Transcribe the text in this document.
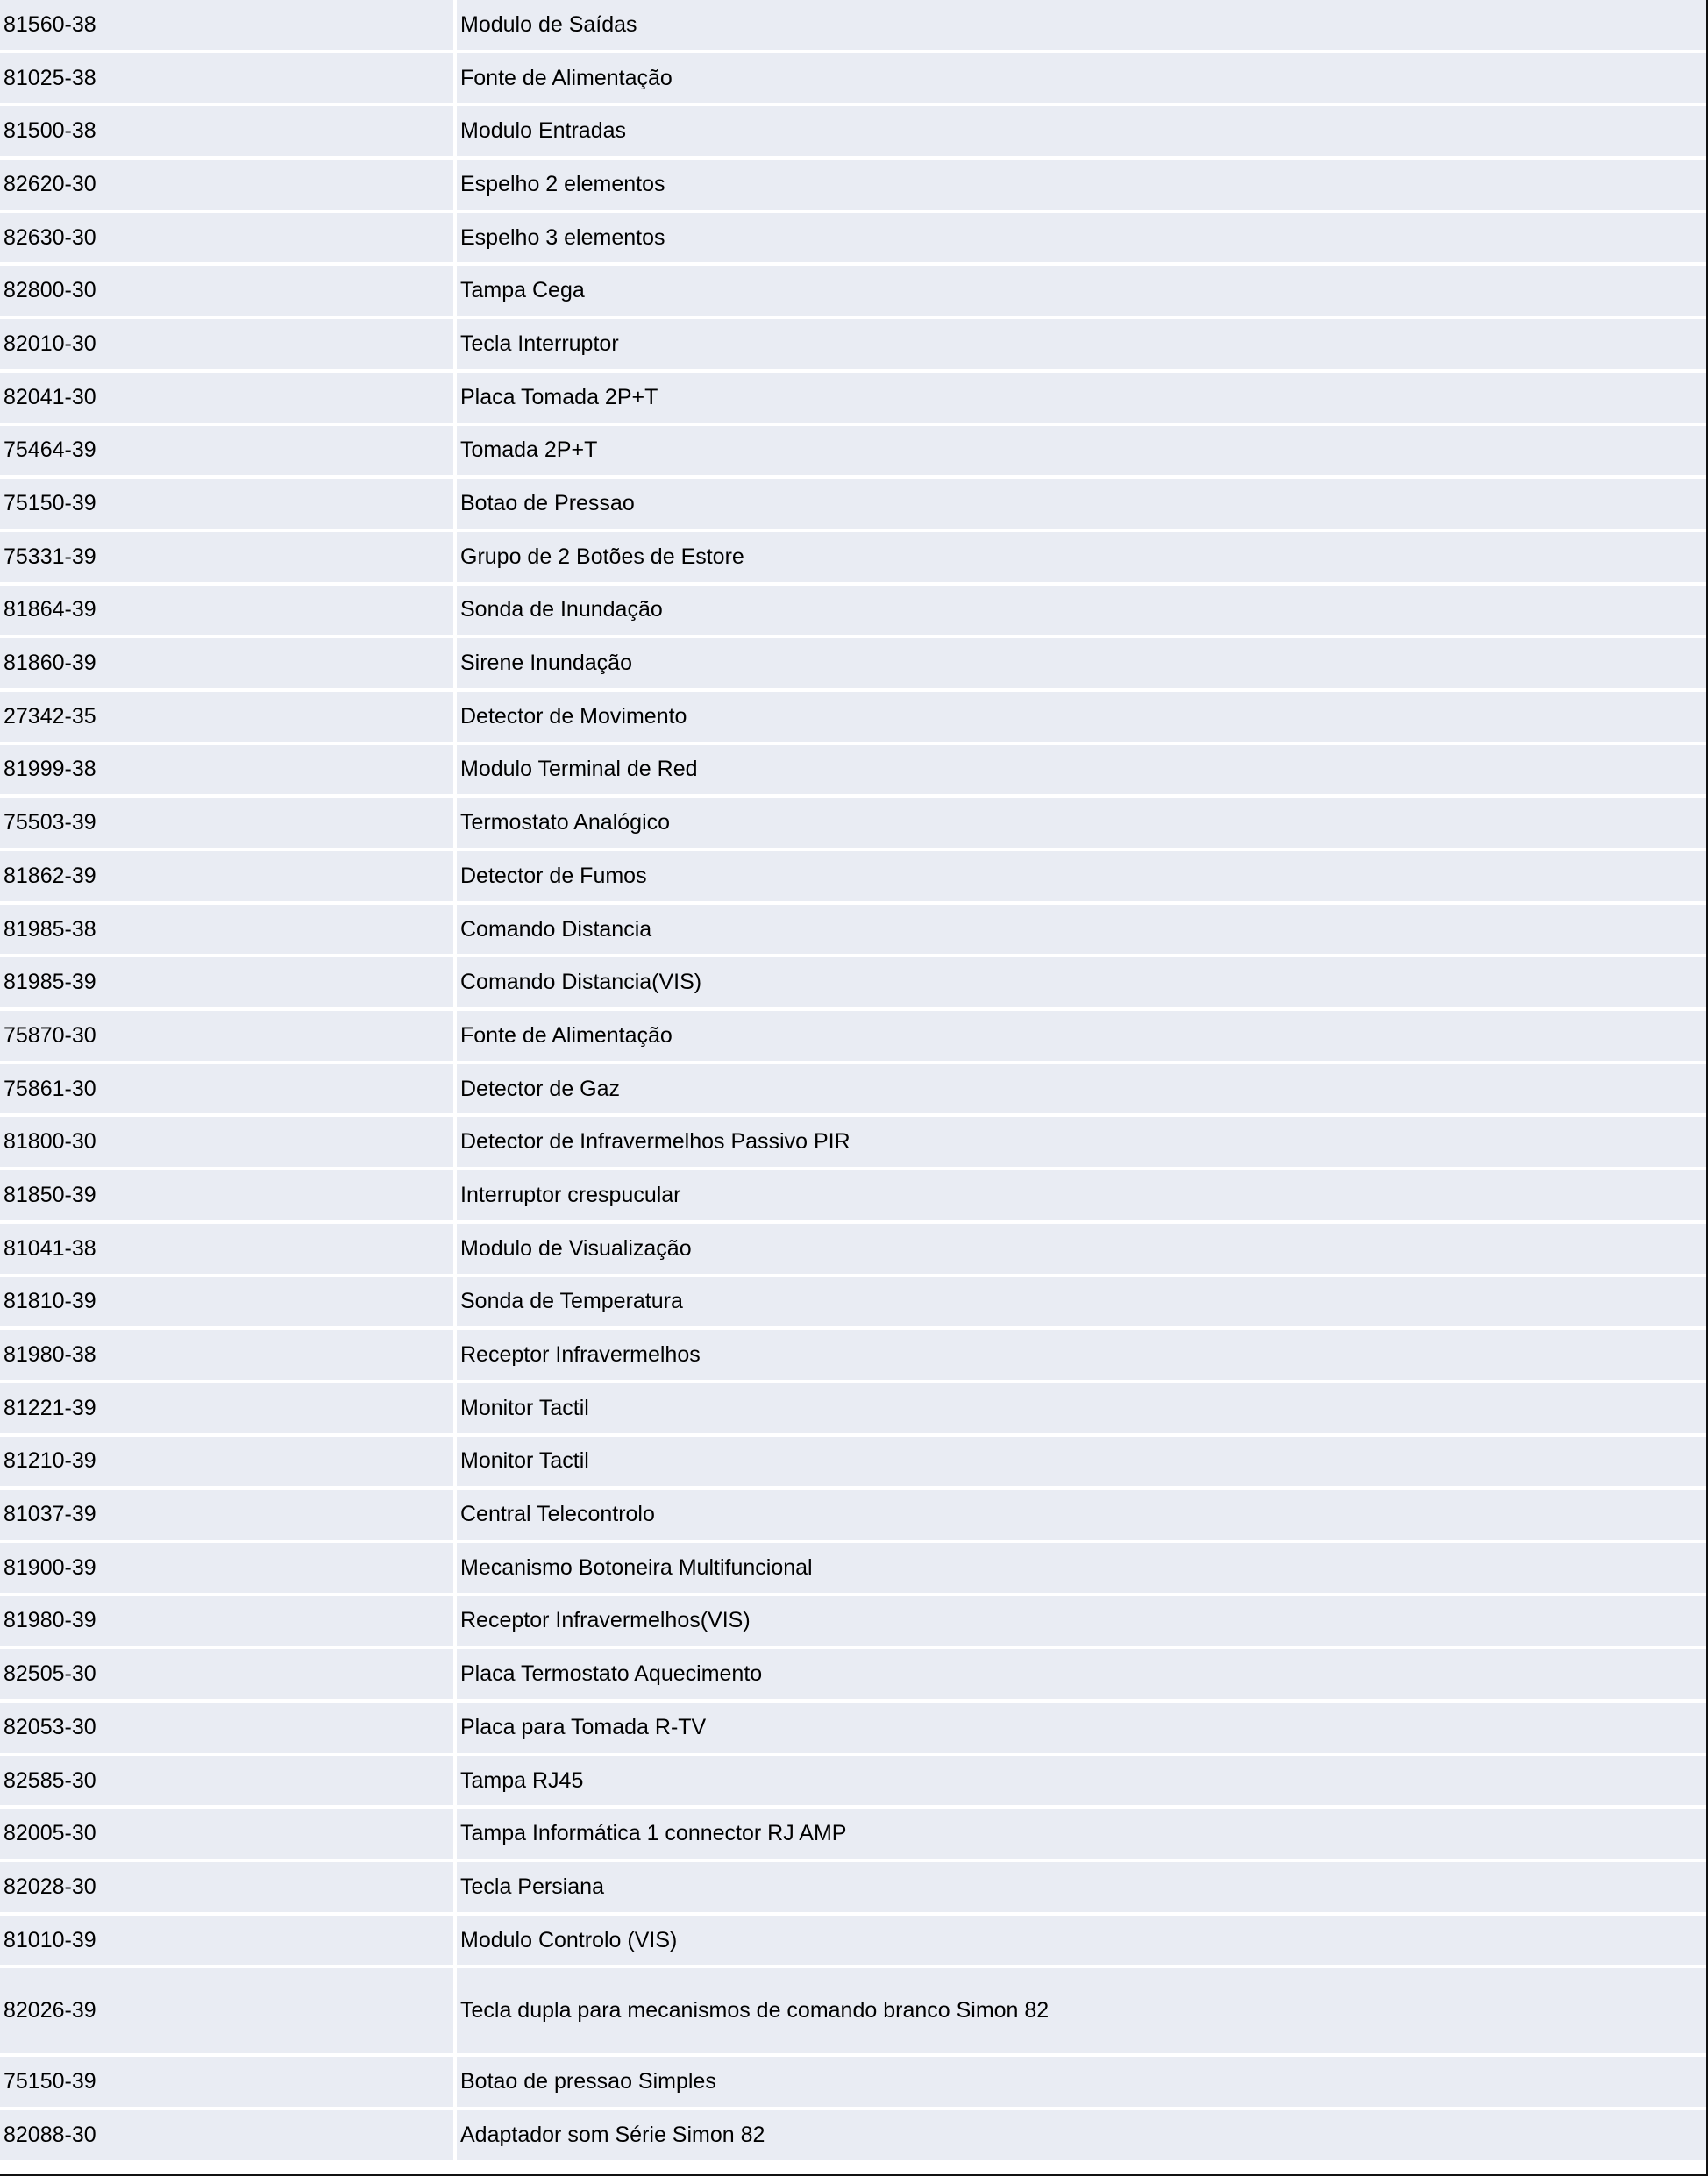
81560-38	Modulo de Saídas
81025-38	Fonte de Alimentação
81500-38	Modulo Entradas
82620-30	Espelho 2 elementos
82630-30	Espelho 3 elementos
82800-30	Tampa Cega
82010-30	Tecla Interruptor
82041-30	Placa Tomada 2P+T
75464-39	Tomada 2P+T
75150-39	Botao de Pressao
75331-39	Grupo de 2 Botões de Estore
81864-39	Sonda de Inundação
81860-39	Sirene Inundação
27342-35	Detector de Movimento
81999-38	Modulo Terminal de Red
75503-39	Termostato Analógico
81862-39	Detector de Fumos
81985-38	Comando Distancia
81985-39	Comando Distancia(VIS)
75870-30	Fonte de Alimentação
75861-30	Detector de Gaz
81800-30	Detector de Infravermelhos Passivo PIR
81850-39	Interruptor crespucular
81041-38	Modulo de Visualização
81810-39	Sonda de Temperatura
81980-38	Receptor Infravermelhos
81221-39	Monitor Tactil
81210-39	Monitor Tactil
81037-39	Central Telecontrolo
81900-39	Mecanismo Botoneira Multifuncional
81980-39	Receptor Infravermelhos(VIS)
82505-30	Placa Termostato Aquecimento
82053-30	Placa para Tomada R-TV
82585-30	Tampa RJ45
82005-30	Tampa Informática 1 connector RJ AMP
82028-30	Tecla Persiana
81010-39	Modulo Controlo (VIS)
82026-39	Tecla dupla para mecanismos de comando branco Simon 82
75150-39	Botao de pressao Simples
82088-30	Adaptador som Série Simon 82
